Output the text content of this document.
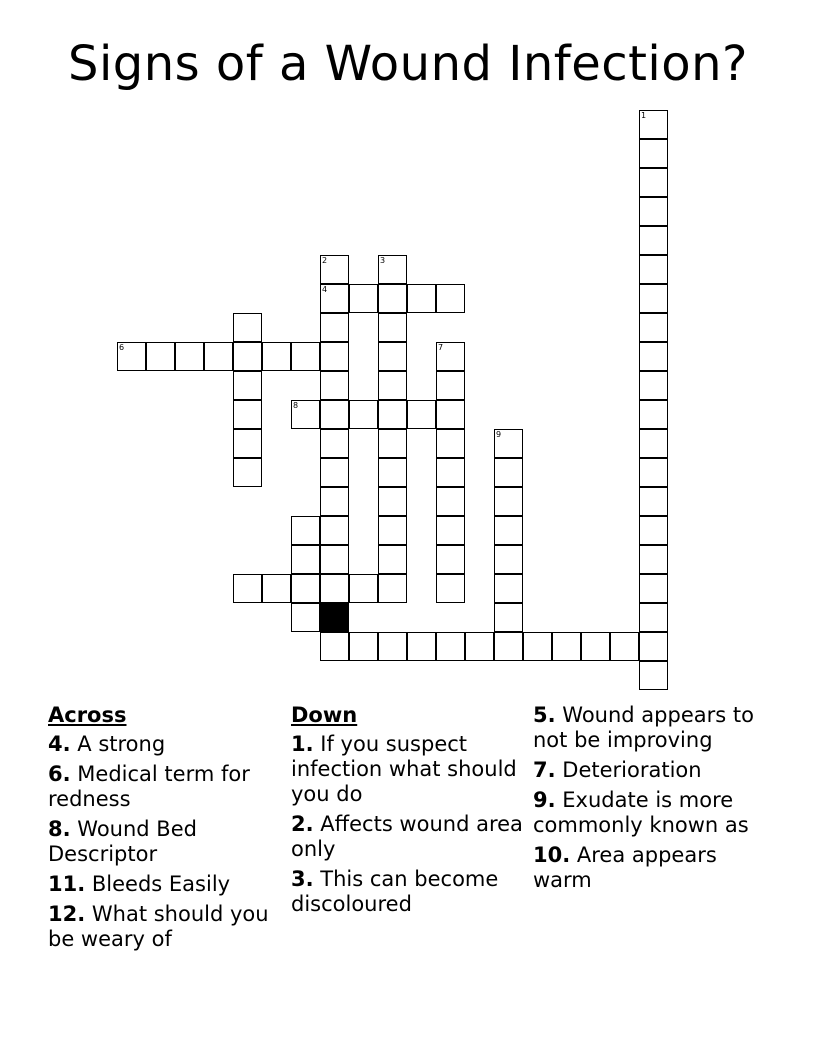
Signs of a Wound Infection?
1
2
4
3
6	7
8
9
Across
4. A strong
6. Medical term for redness
8. Wound Bed Descriptor
11. Bleeds Easily
12. What should you be weary of
Down
1. If you suspect infection what should you do
2. Affects wound area only
3. This can become discoloured
5. Wound appears to not be improving
7. Deterioration
9. Exudate is more commonly known as
10. Area appears warm
